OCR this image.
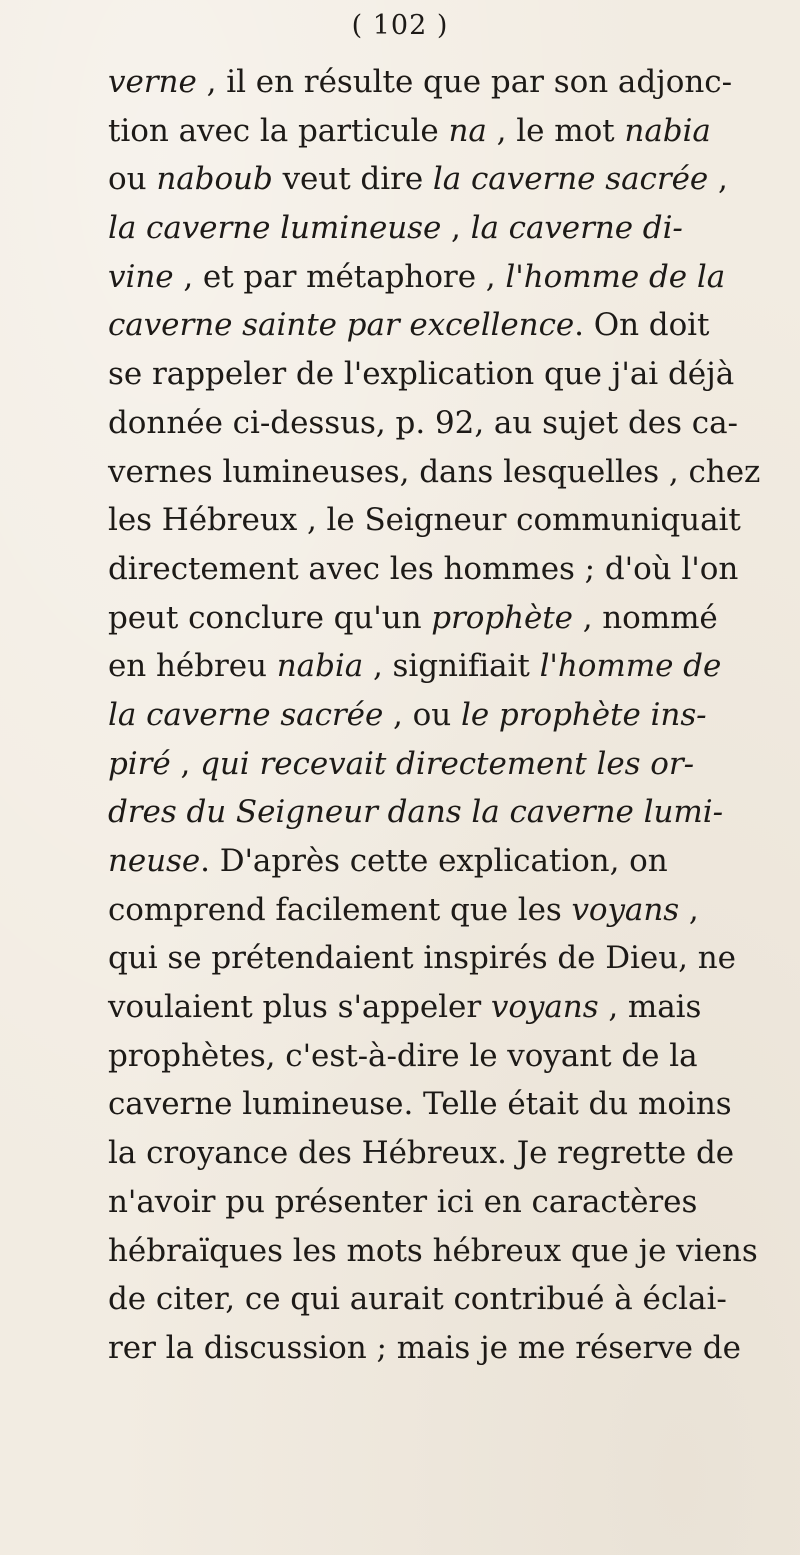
( 102 )
verne , il en résulte que par son adjonc-
tion avec la particule na , le mot nabia
ou naboub veut dire la caverne sacrée ,
la caverne lumineuse , la caverne di-
vine , et par métaphore , l'homme de la
caverne sainte par excellence. On doit
se rappeler de l'explication que j'ai déjà
donnée ci-dessus, p. 92, au sujet des ca-
vernes lumineuses, dans lesquelles , chez
les Hébreux , le Seigneur communiquait
directement avec les hommes ; d'où l'on
peut conclure qu'un prophète , nommé
en hébreu nabia , signifiait l'homme de
la caverne sacrée , ou le prophète ins-
piré , qui recevait directement les or-
dres du Seigneur dans la caverne lumi-
neuse. D'après cette explication, on
comprend facilement que les voyans ,
qui se prétendaient inspirés de Dieu, ne
voulaient plus s'appeler voyans , mais
prophètes, c'est-à-dire le voyant de la
caverne lumineuse. Telle était du moins
la croyance des Hébreux. Je regrette de
n'avoir pu présenter ici en caractères
hébraïques les mots hébreux que je viens
de citer, ce qui aurait contribué à éclai-
rer la discussion ; mais je me réserve de
